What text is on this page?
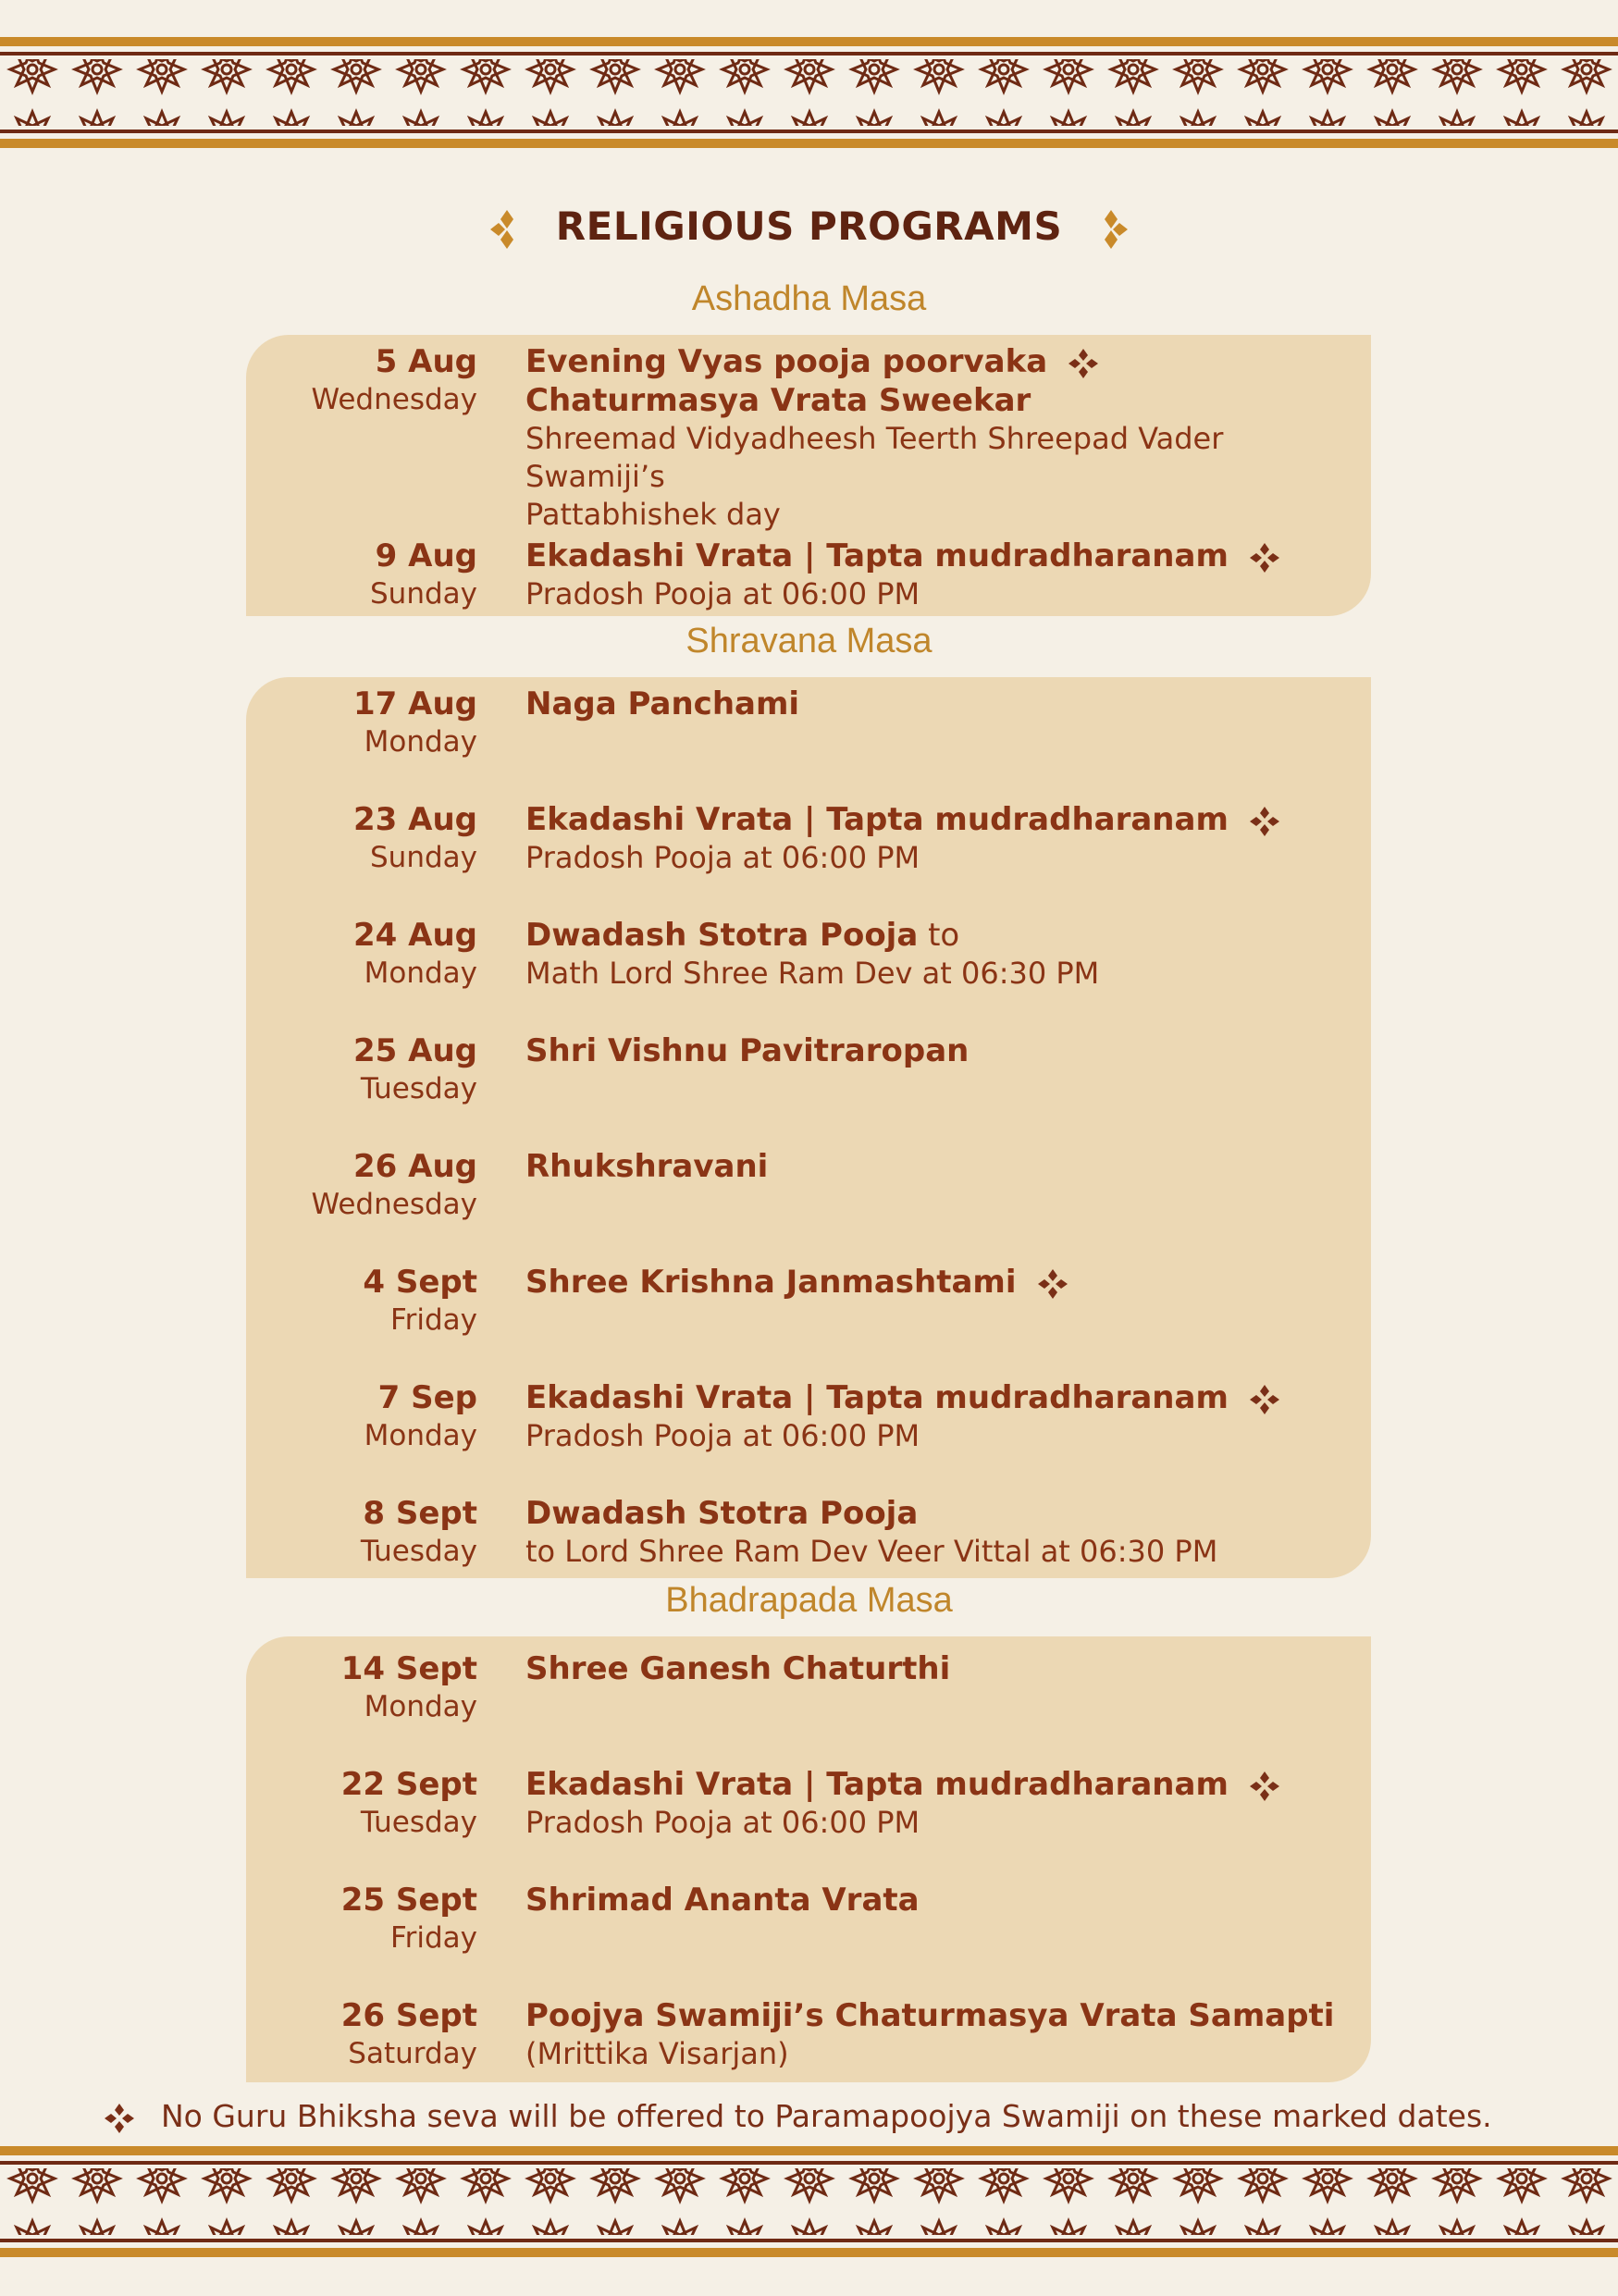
RELIGIOUS PROGRAMS
Ashadha Masa
5 Aug
Wednesday
Evening Vyas pooja poorvaka
Chaturmasya Vrata Sweekar
Shreemad Vidyadheesh Teerth Shreepad Vader Swamiji’s
Pattabhishek day
9 Aug
Sunday
Ekadashi Vrata | Tapta mudradharanam
Pradosh Pooja at 06:00 PM
Shravana Masa
17 Aug
Monday
Naga Panchami
23 Aug
Sunday
Ekadashi Vrata | Tapta mudradharanam
Pradosh Pooja at 06:00 PM
24 Aug
Monday
Dwadash Stotra Pooja to
Math Lord Shree Ram Dev at 06:30 PM
25 Aug
Tuesday
Shri Vishnu Pavitraropan
26 Aug
Wednesday
Rhukshravani
4 Sept
Friday
Shree Krishna Janmashtami
7 Sep
Monday
Ekadashi Vrata | Tapta mudradharanam
Pradosh Pooja at 06:00 PM
8 Sept
Tuesday
Dwadash Stotra Pooja
to Lord Shree Ram Dev Veer Vittal at 06:30 PM
Bhadrapada Masa
14 Sept
Monday
Shree Ganesh Chaturthi
22 Sept
Tuesday
Ekadashi Vrata | Tapta mudradharanam
Pradosh Pooja at 06:00 PM
25 Sept
Friday
Shrimad Ananta Vrata
26 Sept
Saturday
Poojya Swamiji’s Chaturmasya Vrata Samapti
(Mrittika Visarjan)
No Guru Bhiksha seva will be offered to Paramapoojya Swamiji on these marked dates.
